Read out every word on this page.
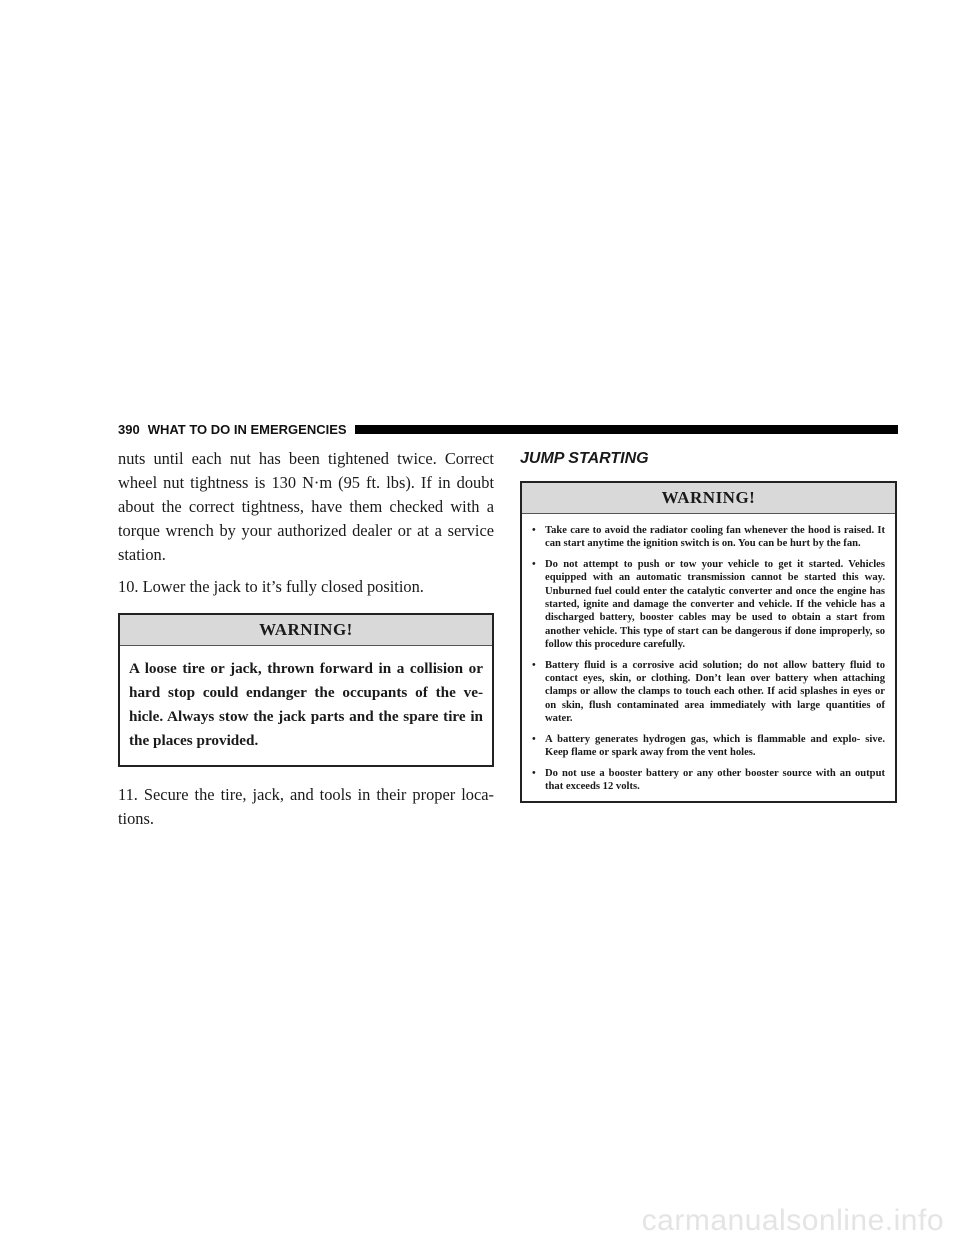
390 WHAT TO DO IN EMERGENCIES

nuts until each nut has been tightened twice. Correct wheel nut tightness is 130 N·m (95 ft. lbs). If in doubt about the correct tightness, have them checked with a torque wrench by your authorized dealer or at a service station.

10. Lower the jack to it’s fully closed position.

WARNING!
A loose tire or jack, thrown forward in a collision or hard stop could endanger the occupants of the ve- hicle. Always stow the jack parts and the spare tire in the places provided.

11. Secure the tire, jack, and tools in their proper loca- tions.

JUMP STARTING
WARNING!
• Take care to avoid the radiator cooling fan whenever the hood is raised. It can start anytime the ignition switch is on. You can be hurt by the fan.
• Do not attempt to push or tow your vehicle to get it started. Vehicles equipped with an automatic transmission cannot be started this way. Unburned fuel could enter the catalytic converter and once the engine has started, ignite and damage the converter and vehicle. If the vehicle has a discharged battery, booster cables may be used to obtain a start from another vehicle. This type of start can be dangerous if done improperly, so follow this procedure carefully.
• Battery fluid is a corrosive acid solution; do not allow battery fluid to contact eyes, skin, or clothing. Don’t lean over battery when attaching clamps or allow the clamps to touch each other. If acid splashes in eyes or on skin, flush contaminated area immediately with large quantities of water.
• A battery generates hydrogen gas, which is flammable and explo- sive. Keep flame or spark away from the vent holes.
• Do not use a booster battery or any other booster source with an output that exceeds 12 volts.
carmanualsonline.info
